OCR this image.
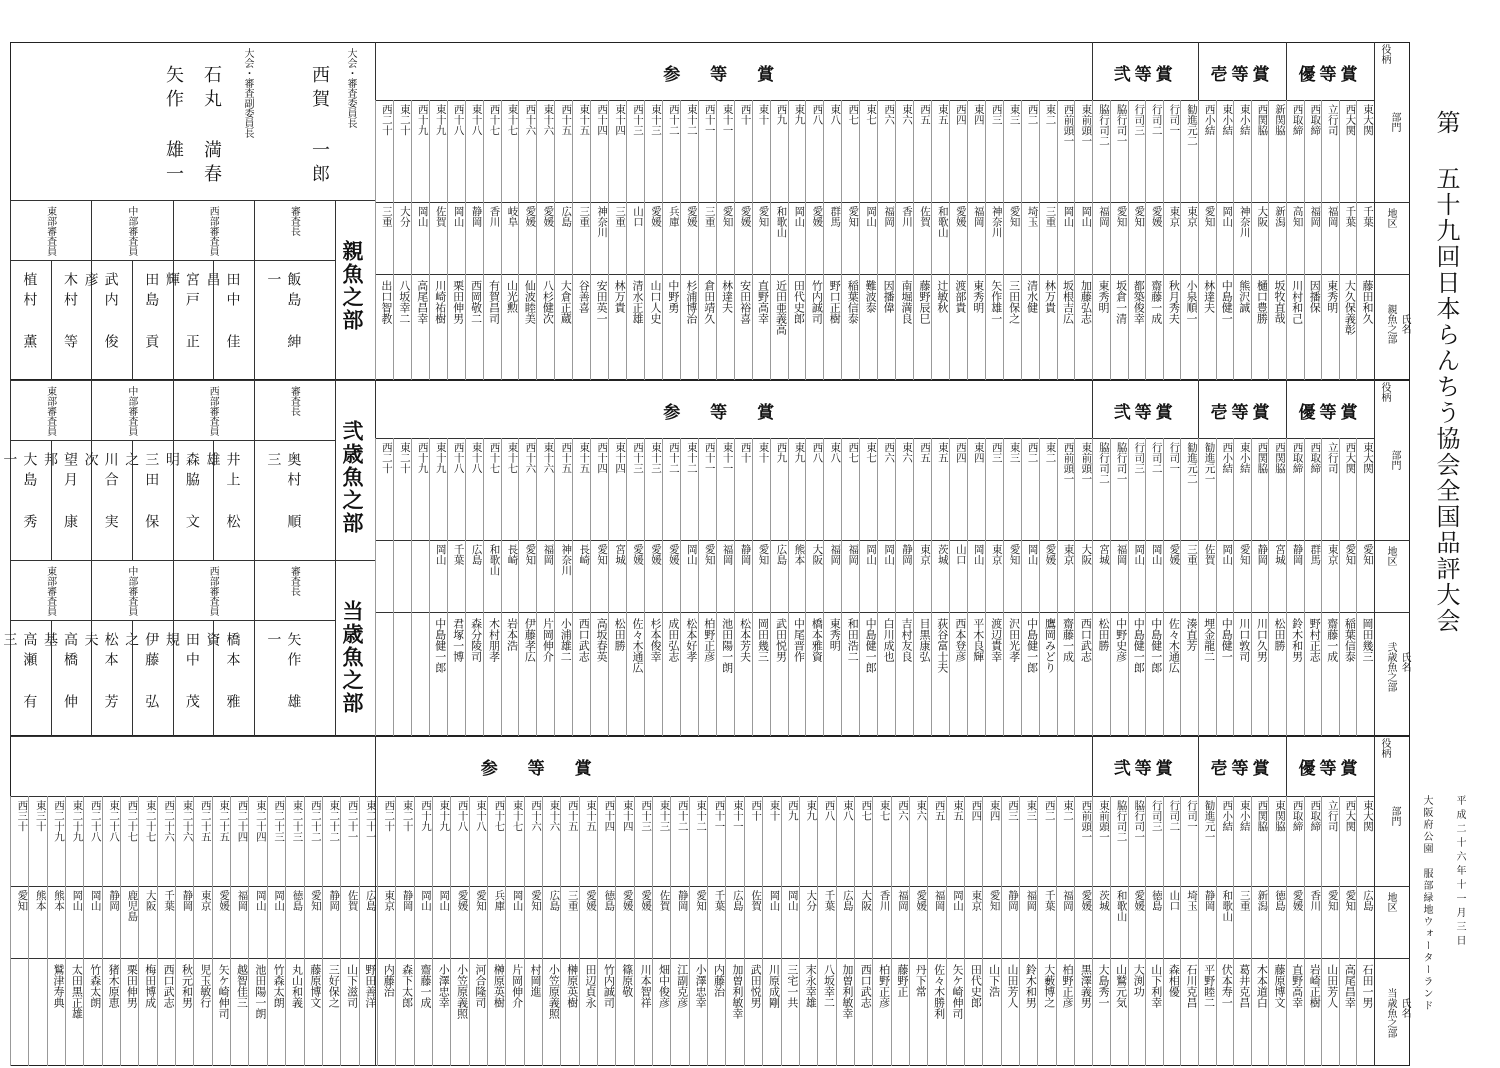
大会・審査委員長
西賀 一郎
大会・審査副委員長
石丸 満春
矢作 雄一	第 五十九回日本らんちう協会全国品評大会
平成二十六年十一月三日
大阪府公園 服部緑地ウォーターランド
親魚之部
審査長
飯島 紳一
西部審査員
田中 佳昌
宮戸 正輝
中部審査員
田島 貢
武内 俊彦
東部審査員
木村 等
植村 薫
弐歳魚之部
審査長
奥村 順三
西部審査員
井上 松雄
森脇 文明
中部審査員
三田 保之
川合 実次
東部審査員
望月 康邦
大島 秀一
当歳魚之部
審査長
矢作 雄一
西部審査員
橋本 雅資
田中 茂規
中部審査員
伊藤 弘之
松本 芳夫
東部審査員
高橋 伸基
高瀬 有三
役柄
部門
地区
親魚之部 氏名
優等賞
東大関
千葉
藤田和久
西大関
千葉
大久保義彰
立行司
福岡
東秀明
西取締
福岡
因播保
西取締
高知
川村和己
壱等賞
新関脇
新潟
坂牧直哉
西関脇
大阪
樋口豊勝
東小結
神奈川
熊沢誠
東小結
岡山
中島健一
西小結
愛知
林達夫
弐等賞
勧進元二
東京
小泉順一
行司一
東京
秋月秀夫
行司二
愛媛
齋藤一成
行司三
愛知
都築俊幸
脇行司一
愛知
坂倉一清
脇行司二
福岡
東秀明
参等賞
東前頭一
岡山
加藤弘志
西前頭一
岡山
坂根吉広
東二
三重
林万貴
西二
埼玉
清水健
東三
愛知
三田保之
西三
神奈川
矢作雄一
東四
福岡
東秀明
西四
愛媛
渡部貴
東五
和歌山
辻敏秋
西五
佐賀
藤野辰巳
東六
香川
南堀満良
西六
福岡
因播偉
東七
岡山
難波泰
西七
愛知
稲葉信泰
東八
群馬
野口正樹
西八
愛媛
竹内誠司
東九
岡山
田代史郎
西九
和歌山
近田亜義高
東十
愛知
直野高幸
西十
愛媛
安田裕喜
東十一
愛知
林達夫
西十一
三重
倉田靖久
東十二
愛媛
杉浦博治
西十二
兵庫
中野勇
東十三
愛媛
山口人史
西十三
山口
清水正雄
東十四
三重
林万貴
西十四
神奈川
安田英一
東十五
三重
谷善喜
西十五
広島
大倉正蔵
東十六
愛媛
八杉健次
西十六
愛媛
仙波睦美
東十七
岐阜
山光勲
西十七
香川
有賀昌司
東十八
静岡
西岡敬二
西十八
岡山
栗田伸男
東十九
佐賀
川崎祐樹
西十九
岡山
高尾昌幸
東二十
大分
八坂幸二
西二十
三重
出口智教
役柄
部門
地区
弐歳魚之部 氏名
優等賞
東大関
愛知
岡田幾三
西大関
愛知
稲葉信泰
立行司
東京
齋藤一成
西取締
群馬
野村正志
西取締
静岡
鈴木和男
壱等賞
西関脇
宮城
松田勝
西関脇
静岡
川口久男
東小結
愛知
川口敦司
西小結
岡山
中島健一
勧進元一
佐賀
埋金龍二
弐等賞
勧進元二
三重
湊直芳
行司一
愛媛
佐々木通広
行司二
岡山
中島健一郎
行司三
岡山
中島健一郎
脇行司一
福岡
中野史彦
脇行司二
宮城
松田勝
参等賞
東前頭一
大阪
西口武志
西前頭一
東京
齋藤一成
東二
愛媛
鷹岡みどり
西二
岡山
中島健一郎
東三
愛知
沢田光孝
西三
東京
渡辺貴幸
東四
岡山
平木良輝
西四
山口
西本登彦
東五
茨城
荻谷富士夫
西五
東京
目黒康弘
東六
静岡
吉村友良
西六
岡山
白川成也
東七
岡山
中島健一郎
西七
福岡
和田浩二
東八
福岡
東秀明
西八
大阪
橋本雅資
東九
熊本
中尾晋作
西九
広島
武田悦男
東十
愛知
岡田幾三
西十
静岡
松本芳夫
東十一
福岡
池田陽一朗
西十一
愛知
柏野正彦
東十二
岡山
松本好孝
西十二
愛媛
成田弘志
東十三
愛媛
杉本俊幸
西十三
愛媛
佐々木通広
東十四
宮城
松田勝
西十四
愛知
高坂春英
東十五
長崎
西口武志
西十五
神奈川
小浦雄二
東十六
福岡
片岡伸介
西十六
愛知
伊藤孝広
東十七
長崎
岩本浩
西十七
和歌山
木村朋孝
東十八
広島
森分陵司
西十八
千葉
君塚一博
東十九
岡山
中島健一郎
西十九
東二十
西二十
役柄
部門
地区
当歳魚之部 氏名
優等賞
東大関
広島
石田一男
西大関
愛知
高尾昌幸
立行司
愛知
山田芳人
西取締
香川
岩崎正樹
西取締
愛媛
直野高幸
壱等賞
東関脇
徳島
藤原博文
西関脇
新潟
木本道白
東小結
三重
葛井克昌
西小結
和歌山
伏本寿一
勧進元一
静岡
平野睦二
弐等賞
行司一
埼玉
石川克昌
行司二
山口
森相優
行司三
徳島
山下利幸
脇行司一
愛媛
大渕功
脇行司二
和歌山
山鷲元気
東前頭一
茨城
大島秀一
参等賞
西前頭一
愛媛
黒澤義男
東二
福岡
柏野正彦
西二
千葉
大藪博之
東三
福岡
鈴木和男
西三
静岡
山田芳人
東四
愛知
山下浩
西四
東京
田代史郎
東五
岡山
矢ケ崎伸司
西五
福岡
佐々木勝利
東六
愛媛
丹下常
西六
福岡
藤野正
東七
香川
柏野正彦
西七
大阪
西口武志
東八
広島
加曽利敏幸
西八
千葉
八坂幸二
東九
大分
末永幸雄
西九
岡山
三宅一共
東十
岡山
川原成剛
西十
佐賀
武田悦男
東十一
広島
加曽利敏幸
西十一
千葉
内藤治
東十二
愛知
小澤忠幸
西十二
静岡
江副克彦
東十三
佐賀
畑中俊彦
西十三
愛媛
川本智祥
東十四
愛媛
篠原敬
西十四
徳島
竹内誠司
東十五
愛媛
田辺貞永
西十五
三重
榊原英樹
東十六
広島
小笠原義照
西十六
愛知
村岡進
東十七
岡山
片岡伸介
西十七
兵庫
榊原英樹
東十八
愛知
河合隆司
西十八
愛媛
小笠原義照
東十九
岡山
小澤忠幸
西十九
岡山
齋藤一成
東二十
静岡
森下太郎
西二十
東京
内藤治
東二十一
広島
野田善洋
西二十一
佐賀
山下滋司
東二十二
静岡
三好保之
西二十二
愛知
藤原博文
東二十三
徳島
丸山和義
西二十三
岡山
竹森太朗
東二十四
岡山
池田陽一朗
西二十四
福岡
越智佳三
東二十五
愛媛
矢ケ崎伸司
西二十五
東京
児玉敏行
東二十六
静岡
秋元和男
西二十六
千葉
西口武志
東二十七
大阪
梅田博成
西二十七
鹿児島
栗田伸男
東二十八
静岡
猪木原恵
西二十八
岡山
竹森太朗
東二十九
岡山
太田黒正雄
西二十九
熊本
鷲津寿典
東三十
熊本
西三十
愛知
